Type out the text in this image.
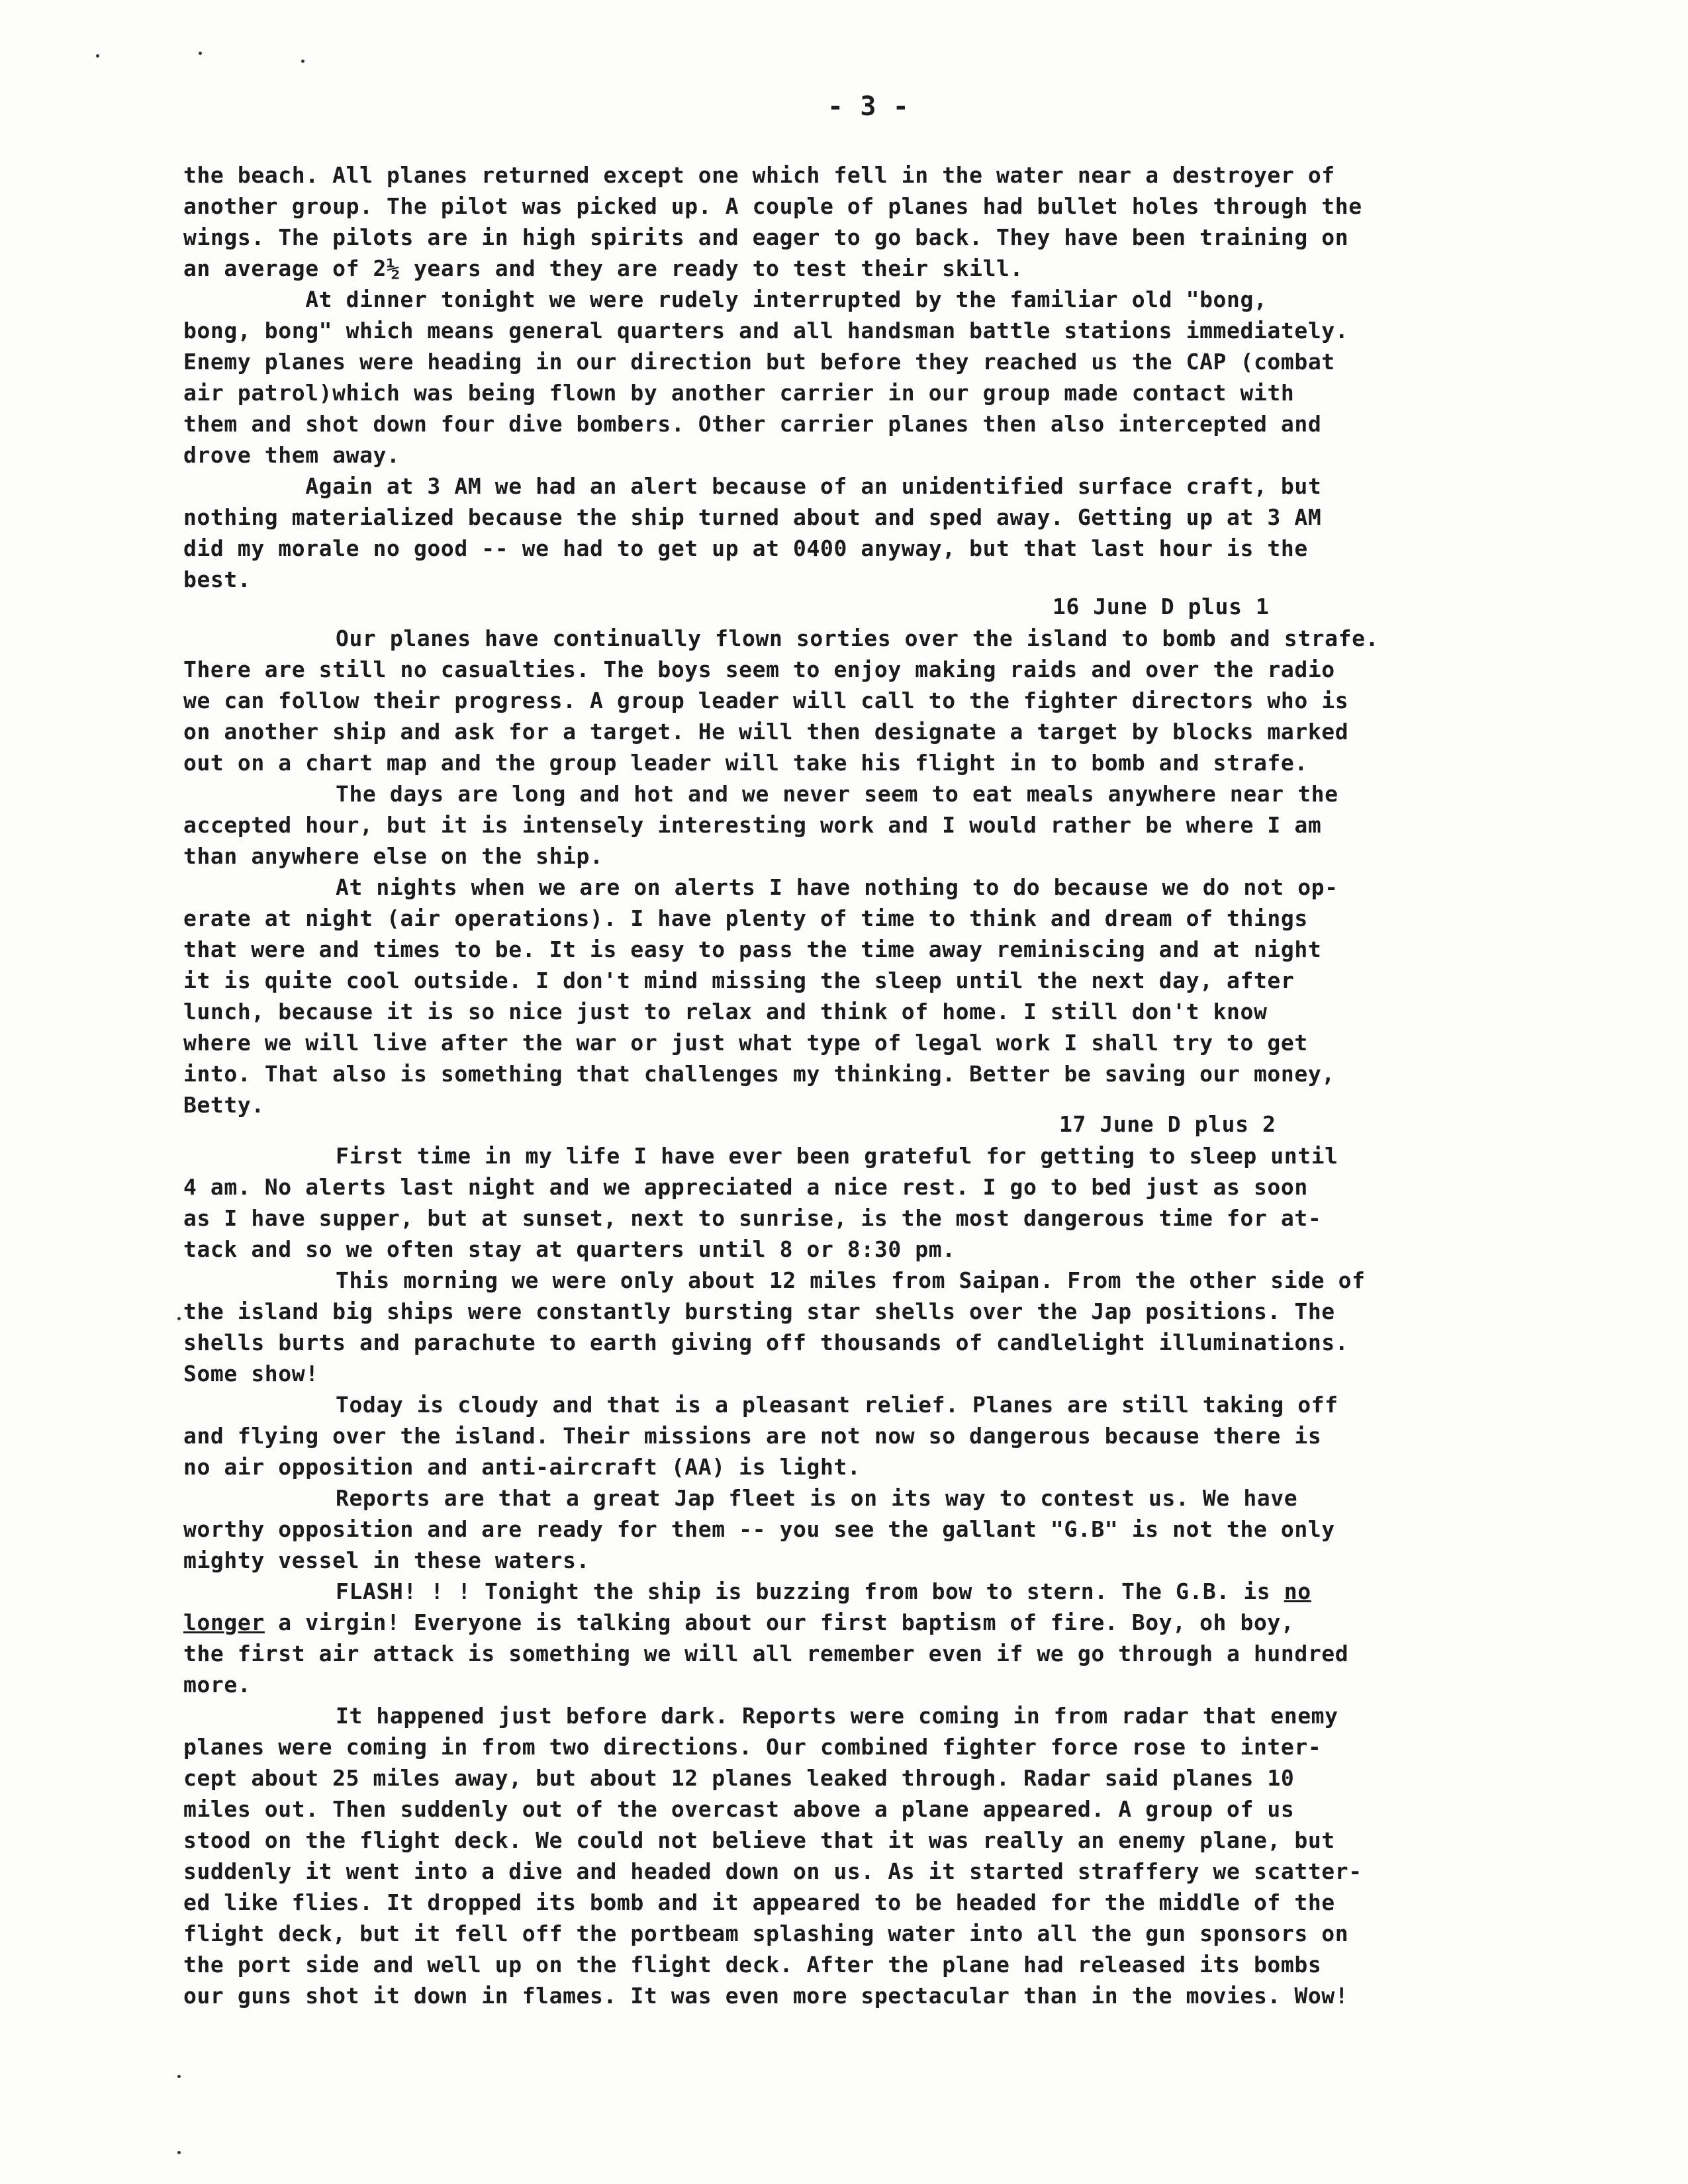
- 3 -
the beach. All planes returned except one which fell in the water near a destroyer of
another group. The pilot was picked up. A couple of planes had bullet holes through the
wings. The pilots are in high spirits and eager to go back. They have been training on
an average of 2½ years and they are ready to test their skill.
At dinner tonight we were rudely interrupted by the familiar old "bong,
bong, bong" which means general quarters and all handsman battle stations immediately.
Enemy planes were heading in our direction but before they reached us the CAP (combat
air patrol)which was being flown by another carrier in our group made contact with
them and shot down four dive bombers. Other carrier planes then also intercepted and
drove them away.
Again at 3 AM we had an alert because of an unidentified surface craft, but
nothing materialized because the ship turned about and sped away. Getting up at 3 AM
did my morale no good -- we had to get up at 0400 anyway, but that last hour is the
best.
16 June D plus 1
Our planes have continually flown sorties over the island to bomb and strafe.
There are still no casualties. The boys seem to enjoy making raids and over the radio
we can follow their progress. A group leader will call to the fighter directors who is
on another ship and ask for a target. He will then designate a target by blocks marked
out on a chart map and the group leader will take his flight in to bomb and strafe.
The days are long and hot and we never seem to eat meals anywhere near the
accepted hour, but it is intensely interesting work and I would rather be where I am
than anywhere else on the ship.
At nights when we are on alerts I have nothing to do because we do not op-
erate at night (air operations). I have plenty of time to think and dream of things
that were and times to be. It is easy to pass the time away reminiscing and at night
it is quite cool outside. I don't mind missing the sleep until the next day, after
lunch, because it is so nice just to relax and think of home. I still don't know
where we will live after the war or just what type of legal work I shall try to get
into. That also is something that challenges my thinking. Better be saving our money,
Betty.
17 June D plus 2
First time in my life I have ever been grateful for getting to sleep until
4 am. No alerts last night and we appreciated a nice rest. I go to bed just as soon
as I have supper, but at sunset, next to sunrise, is the most dangerous time for at-
tack and so we often stay at quarters until 8 or 8:30 pm.
This morning we were only about 12 miles from Saipan. From the other side of
the island big ships were constantly bursting star shells over the Jap positions. The
shells burts and parachute to earth giving off thousands of candlelight illuminations.
Some show!
Today is cloudy and that is a pleasant relief. Planes are still taking off
and flying over the island. Their missions are not now so dangerous because there is
no air opposition and anti-aircraft (AA) is light.
Reports are that a great Jap fleet is on its way to contest us. We have
worthy opposition and are ready for them -- you see the gallant "G.B" is not the only
mighty vessel in these waters.
FLASH! ! ! Tonight the ship is buzzing from bow to stern. The G.B. is no
longer a virgin! Everyone is talking about our first baptism of fire. Boy, oh boy,
the first air attack is something we will all remember even if we go through a hundred
more.
It happened just before dark. Reports were coming in from radar that enemy
planes were coming in from two directions. Our combined fighter force rose to inter-
cept about 25 miles away, but about 12 planes leaked through. Radar said planes 10
miles out. Then suddenly out of the overcast above a plane appeared. A group of us
stood on the flight deck. We could not believe that it was really an enemy plane, but
suddenly it went into a dive and headed down on us. As it started straffery we scatter-
ed like flies. It dropped its bomb and it appeared to be headed for the middle of the
flight deck, but it fell off the portbeam splashing water into all the gun sponsors on
the port side and well up on the flight deck. After the plane had released its bombs
our guns shot it down in flames. It was even more spectacular than in the movies. Wow!
